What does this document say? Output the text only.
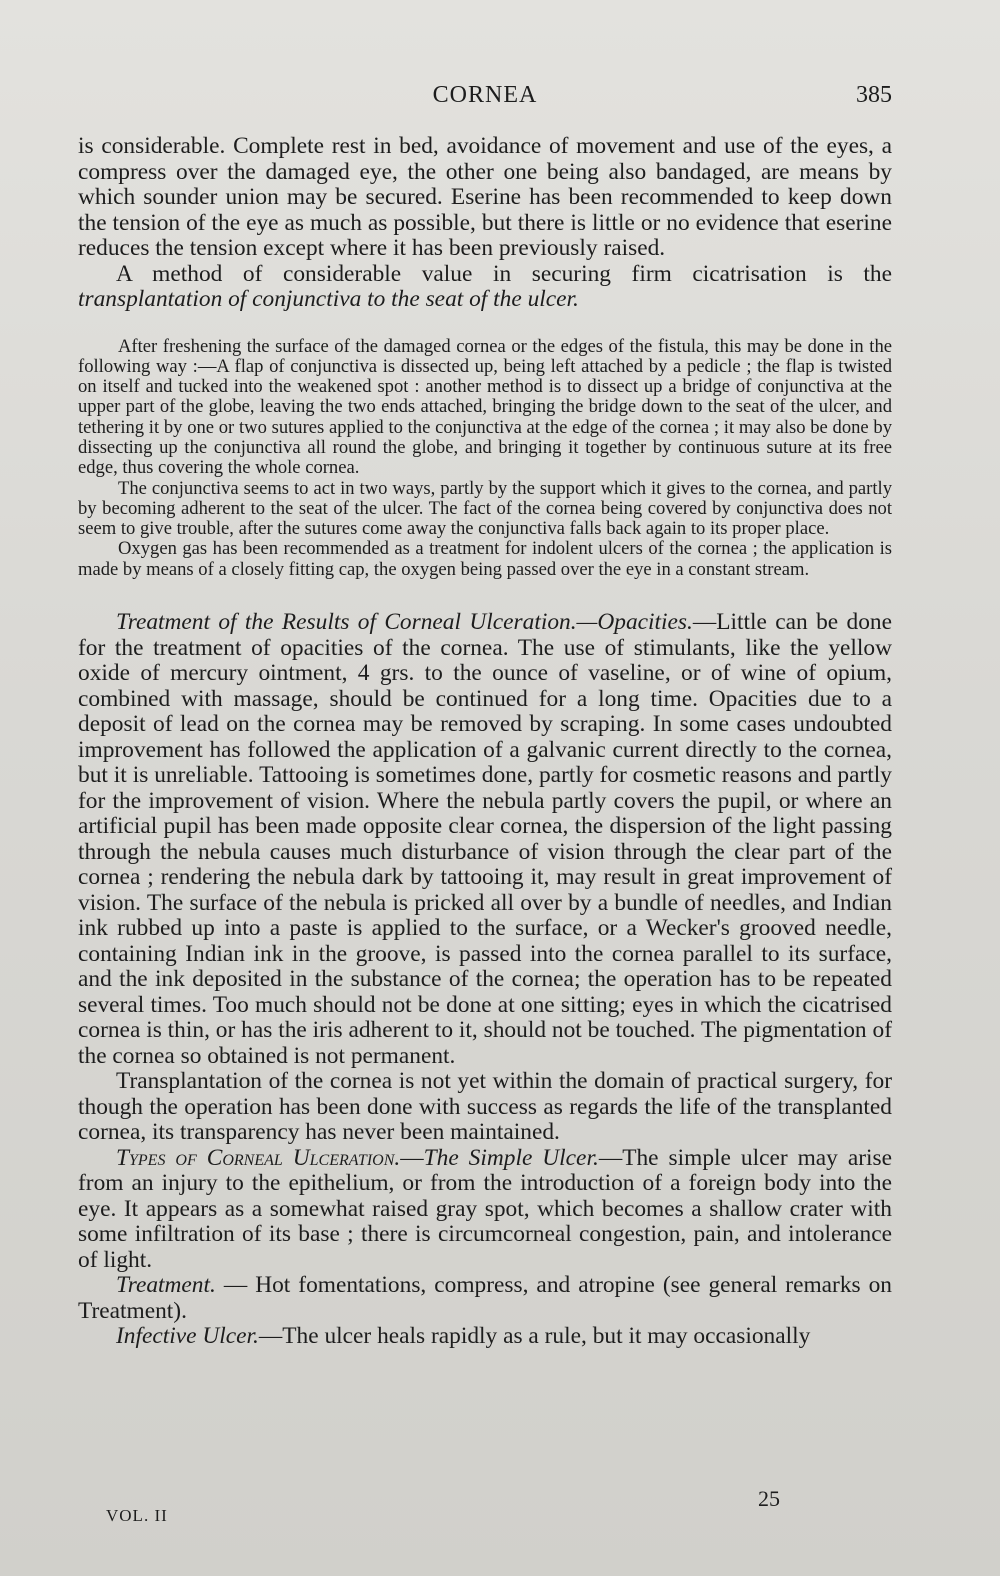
CORNEA	385

is considerable. Complete rest in bed, avoidance of movement and use of the eyes, a compress over the damaged eye, the other one being also bandaged, are means by which sounder union may be secured. Eserine has been recommended to keep down the tension of the eye as much as possible, but there is little or no evidence that eserine reduces the tension except where it has been previously raised.

A method of considerable value in securing firm cicatrisation is the transplantation of conjunctiva to the seat of the ulcer.

After freshening the surface of the damaged cornea or the edges of the fistula, this may be done in the following way :—A flap of conjunctiva is dissected up, being left attached by a pedicle ; the flap is twisted on itself and tucked into the weakened spot : another method is to dissect up a bridge of conjunctiva at the upper part of the globe, leaving the two ends attached, bringing the bridge down to the seat of the ulcer, and tethering it by one or two sutures applied to the conjunctiva at the edge of the cornea ; it may also be done by dissecting up the conjunctiva all round the globe, and bringing it together by continuous suture at its free edge, thus covering the whole cornea.

The conjunctiva seems to act in two ways, partly by the support which it gives to the cornea, and partly by becoming adherent to the seat of the ulcer. The fact of the cornea being covered by conjunctiva does not seem to give trouble, after the sutures come away the conjunctiva falls back again to its proper place.

Oxygen gas has been recommended as a treatment for indolent ulcers of the cornea ; the application is made by means of a closely fitting cap, the oxygen being passed over the eye in a constant stream.

Treatment of the Results of Corneal Ulceration.—Opacities.—Little can be done for the treatment of opacities of the cornea. The use of stimulants, like the yellow oxide of mercury ointment, 4 grs. to the ounce of vaseline, or of wine of opium, combined with massage, should be continued for a long time. Opacities due to a deposit of lead on the cornea may be removed by scraping. In some cases undoubted improvement has followed the application of a galvanic current directly to the cornea, but it is unreliable. Tattooing is sometimes done, partly for cosmetic reasons and partly for the improvement of vision. Where the nebula partly covers the pupil, or where an artificial pupil has been made opposite clear cornea, the dispersion of the light passing through the nebula causes much disturbance of vision through the clear part of the cornea ; rendering the nebula dark by tattooing it, may result in great improvement of vision. The surface of the nebula is pricked all over by a bundle of needles, and Indian ink rubbed up into a paste is applied to the surface, or a Wecker's grooved needle, containing Indian ink in the groove, is passed into the cornea parallel to its surface, and the ink deposited in the substance of the cornea; the operation has to be repeated several times. Too much should not be done at one sitting; eyes in which the cicatrised cornea is thin, or has the iris adherent to it, should not be touched. The pigmentation of the cornea so obtained is not permanent.

Transplantation of the cornea is not yet within the domain of practical surgery, for though the operation has been done with success as regards the life of the transplanted cornea, its transparency has never been maintained.

Types of Corneal Ulceration.—The Simple Ulcer.—The simple ulcer may arise from an injury to the epithelium, or from the introduction of a foreign body into the eye. It appears as a somewhat raised gray spot, which becomes a shallow crater with some infiltration of its base ; there is circumcorneal congestion, pain, and intolerance of light.

Treatment. — Hot fomentations, compress, and atropine (see general remarks on Treatment).

Infective Ulcer.—The ulcer heals rapidly as a rule, but it may occasionally

VOL. II
25
